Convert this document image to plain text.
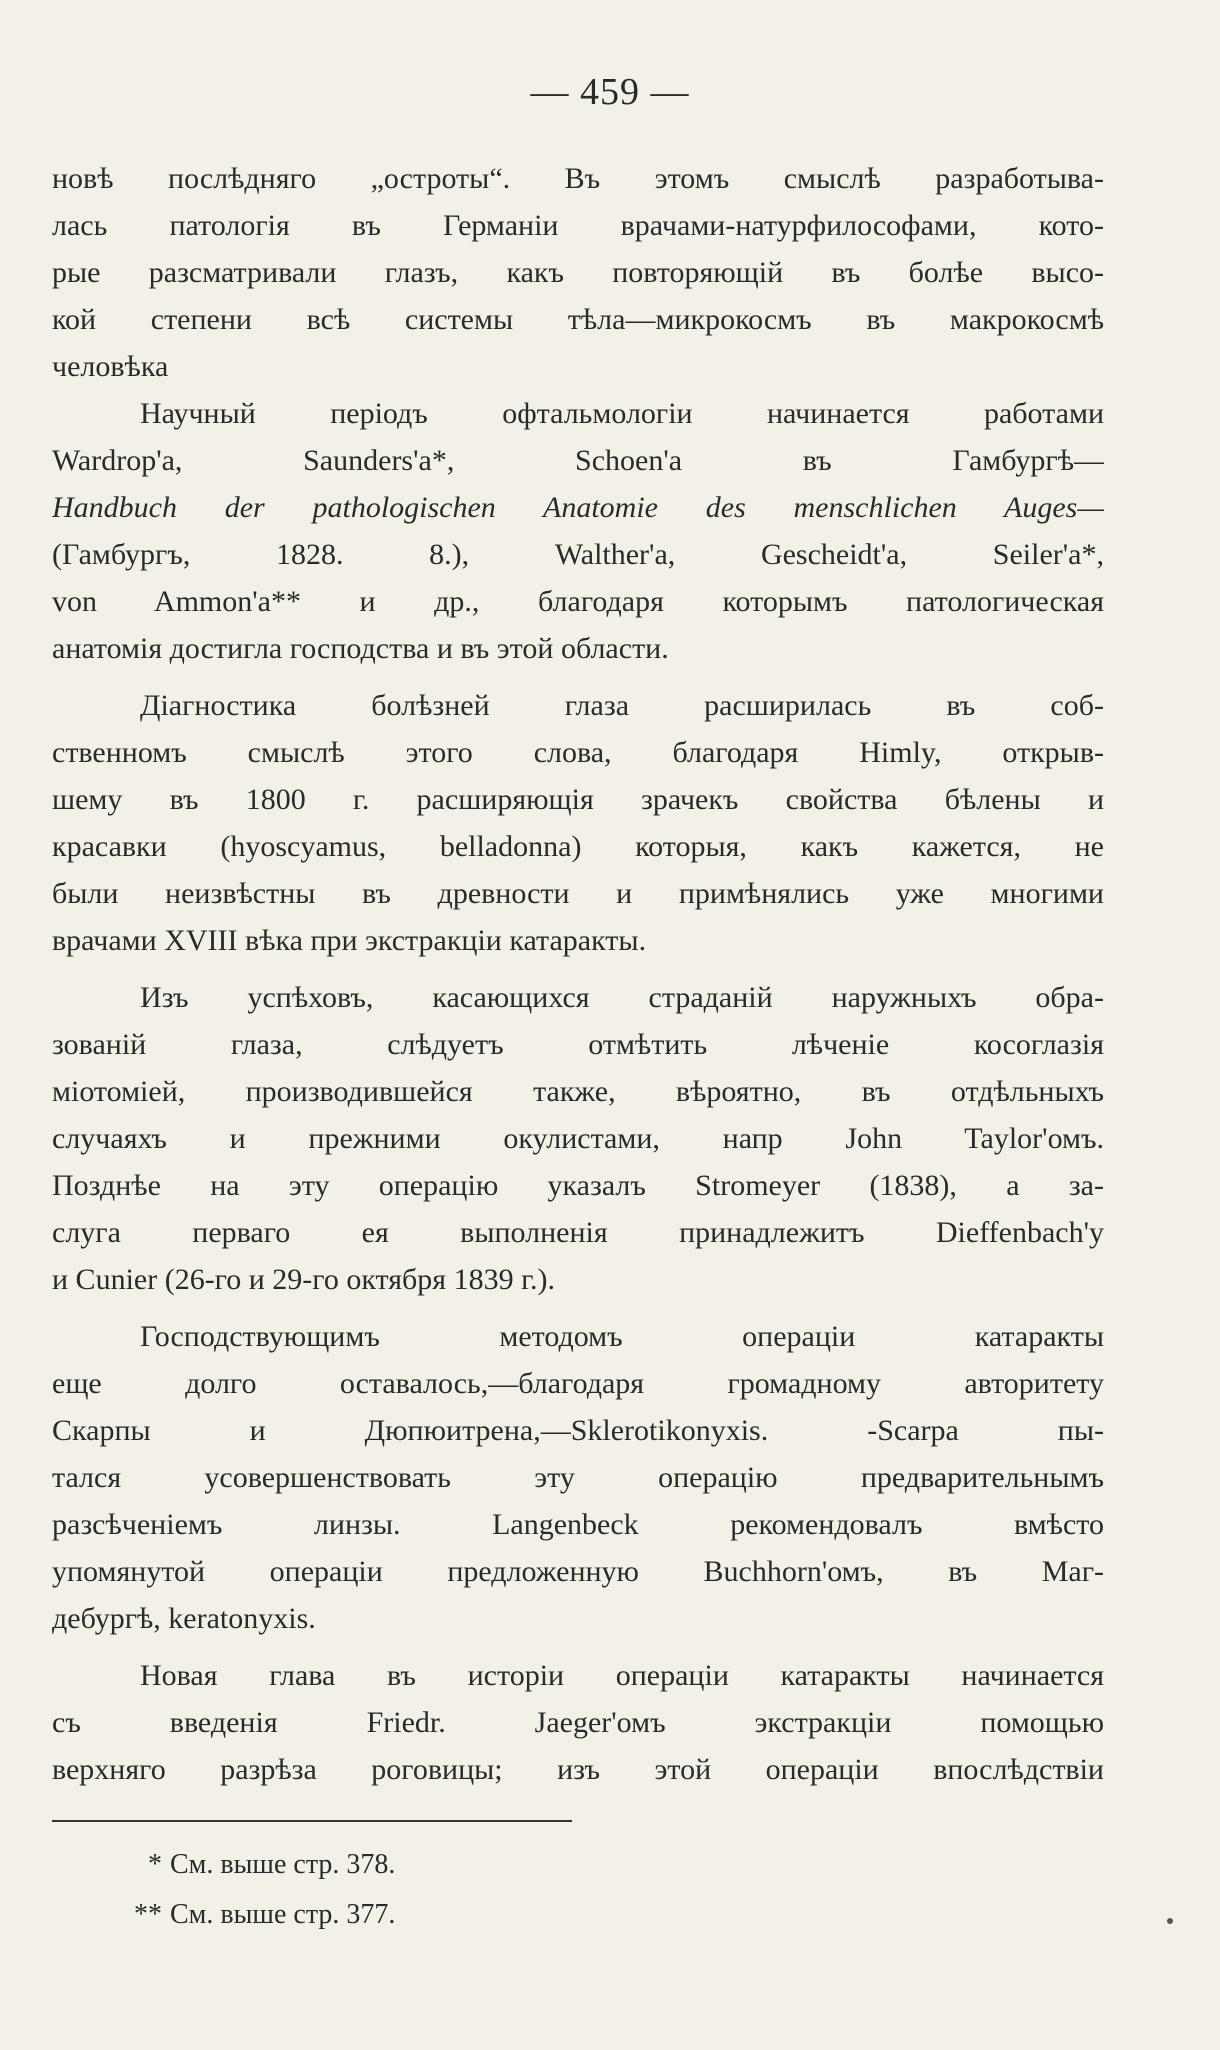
— 459 —

новѣ послѣдняго „остроты“. Въ этомъ смыслѣ разработыва-
лась патологія въ Германіи врачами-натурфилософами, кото-
рые разсматривали глазъ, какъ повторяющій въ болѣе высо-
кой степени всѣ системы тѣла—микрокосмъ въ макрокосмѣ
человѣка

Научный періодъ офтальмологіи начинается работами
Wardrop'a, Saunders'a*, Schoen'a въ Гамбургѣ—
Handbuch der pathologischen Anatomie des menschlichen Auges—
(Гамбургъ, 1828. 8.), Walther'a, Gescheidt'a, Seiler'a*,
von Ammon'a** и др., благодаря которымъ патологическая
анатомія достигла господства и въ этой области.

Діагностика болѣзней глаза расширилась въ соб-
ственномъ смыслѣ этого слова, благодаря Himly, открыв-
шему въ 1800 г. расширяющія зрачекъ свойства бѣлены и
красавки (hyoscyamus, belladonna) которыя, какъ кажется, не
были неизвѣстны въ древности и примѣнялись уже многими
врачами XVIII вѣка при экстракціи катаракты.

Изъ успѣховъ, касающихся страданій наружныхъ обра-
зованій глаза, слѣдуетъ отмѣтить лѣченіе косоглазія
міотоміей, производившейся также, вѣроятно, въ отдѣльныхъ
случаяхъ и прежними окулистами, напр John Taylor'омъ.
Позднѣе на эту операцію указалъ Stromeyer (1838), а за-
слуга перваго ея выполненія принадлежитъ Dieffenbach'y
и Cunier (26-го и 29-го октября 1839 г.).

Господствующимъ методомъ операціи катаракты
еще долго оставалось,—благодаря громадному авторитету
Скарпы и Дюпюитрена,—Sklerotikonyxis. -Scarpa пы-
тался усовершенствовать эту операцію предварительнымъ
разсѣченіемъ линзы. Langenbeck рекомендовалъ вмѣсто
упомянутой операціи предложенную Buchhorn'омъ, въ Маг-
дебургѣ, keratonyxis.

Новая глава въ исторіи операціи катаракты начинается
съ введенія Friedr. Jaeger'омъ экстракціи помощью
верхняго разрѣза роговицы; изъ этой операціи впослѣдствіи

* См. выше стр. 378.
** См. выше стр. 377.
